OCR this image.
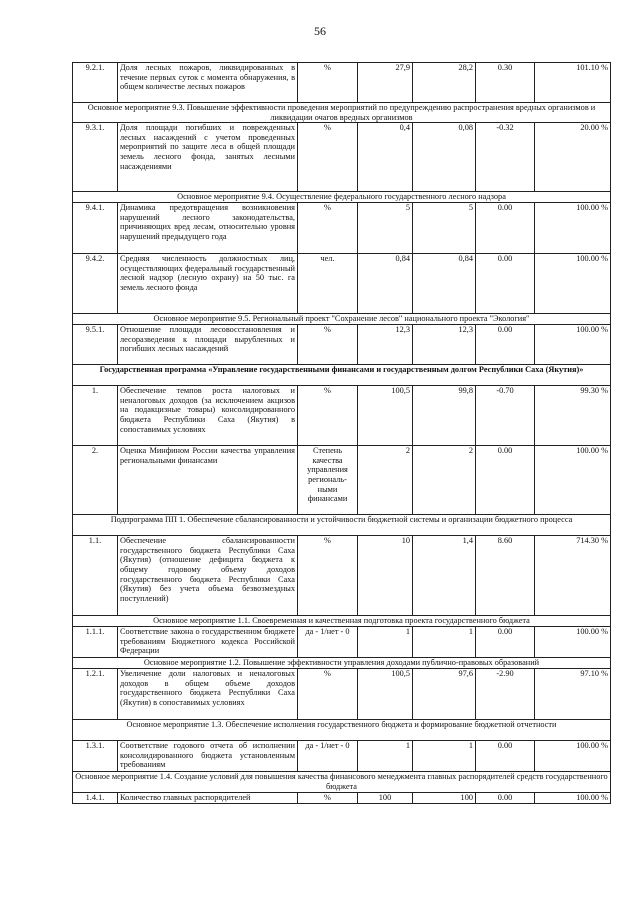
56
9.2.1.	Доля лесных пожаров, ликвидированных в течение первых суток с момента обнаружения, в общем количестве лесных пожаров	%	27,9	28,2	0.30	101.10 %
Основное мероприятие 9.3. Повышение эффективности проведения мероприятий по предупреждению распространения вредных организмов и ликвидации очагов вредных организмов						
9.3.1.	Доля площади погибших и поврежденных лесных насаждений с учетом проведенных мероприятий по защите леса в общей площади земель лесного фонда, занятых лесными насаждениями	%	0,4	0,08	-0.32	20.00 %
Основное мероприятие 9.4. Осуществление федерального государственного лесного надзора						
9.4.1.	Динамика предотвращения возникновения нарушений лесного законодательства, причиняющих вред лесам, относительно уровня нарушений предыдущего года	%	5	5	0.00	100.00 %
9.4.2.	Средняя численность должностных лиц, осуществляющих федеральный государственный лесной надзор (лесную охрану) на 50 тыс. га земель лесного фонда	чел.	0,84	0,84	0.00	100.00 %
Основное мероприятие 9.5. Региональный проект "Сохранение лесов" национального проекта "Экология"						
9.5.1.	Отношение площади лесовосстановления и лесоразведения к площади вырубленных и погибших лесных насаждений	%	12,3	12,3	0.00	100.00 %
Государственная программа «Управление государственными финансами и государственным долгом Республики Саха (Якутия)»						
1.	Обеспечение темпов роста налоговых и неналоговых доходов (за исключением акцизов на подакцизные товары) консолидированного бюджета Республики Саха (Якутия) в сопоставимых условиях	%	100,5	99,8	-0.70	99.30 %
2.	Оценка Минфином России качества управления региональными финансами	Степень качества управления региональ- ными финансами	2	2	0.00	100.00 %
Подпрограмма ПП 1. Обеспечение сбалансированности и устойчивости бюджетной системы и организации бюджетного процесса						
1.1.	Обеспечение сбалансированности государственного бюджета Республики Саха (Якутия) (отношение дефицита бюджета к общему годовому объему доходов государственного бюджета Республики Саха (Якутия) без учета объема безвозмездных поступлений)	%	10	1,4	8.60	714.30 %
Основное мероприятие 1.1. Своевременная и качественная подготовка проекта государственного бюджета						
1.1.1.	Соответствие закона о государственном бюджете требованиям Бюджетного кодекса Российской Федерации	да - 1/нет - 0	1	1	0.00	100.00 %
Основное мероприятие 1.2. Повышение эффективности управления доходами публично-правовых образований						
1.2.1.	Увеличение доли налоговых и неналоговых доходов в общем объеме доходов государственного бюджета Республики Саха (Якутия) в сопоставимых условиях	%	100,5	97,6	-2.90	97.10 %
Основное мероприятие 1.3. Обеспечение исполнения государственного бюджета и формирование бюджетной отчетности						
1.3.1.	Соответствие годового отчета об исполнении консолидированного бюджета установленным требованиям	да - 1/нет - 0	1	1	0.00	100.00 %
Основное мероприятие 1.4. Создание условий для повышения качества финансового менеджмента главных распорядителей средств государственного бюджета						
1.4.1.	Количество главных распорядителей	%	100	100	0.00	100.00 %
